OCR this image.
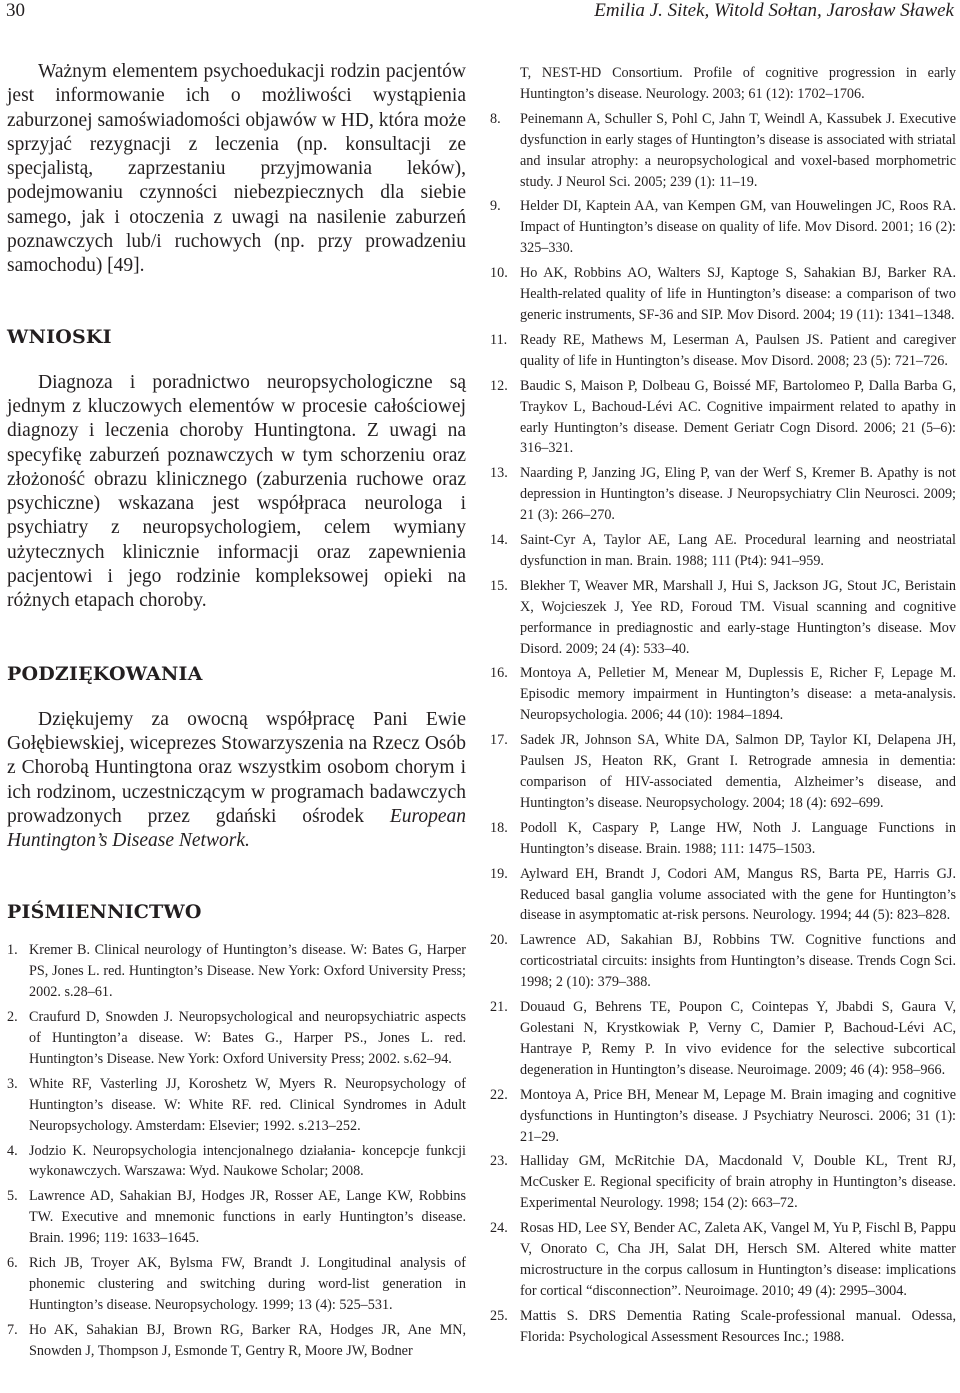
30	Emilia J. Sitek, Witold Sołtan, Jarosław Sławek

Ważnym elementem psychoedukacji rodzin pacjentów jest informowanie ich o możliwości wystąpienia zaburzonej samoświadomości objawów w HD, która może sprzyjać rezygnacji z leczenia (np. konsultacji ze specjalistą, zaprzestaniu przyjmowania leków), podejmowaniu czynności niebezpiecznych dla siebie samego, jak i otoczenia z uwagi na nasilenie zaburzeń poznawczych lub/i ruchowych (np. przy prowadzeniu samochodu) [49].

WNIOSKI

Diagnoza i poradnictwo neuropsychologiczne są jednym z kluczowych elementów w procesie całościowej diagnozy i leczenia choroby Huntingtona. Z uwagi na specyfikę zaburzeń poznawczych w tym schorzeniu oraz złożoność obrazu klinicznego (zaburzenia ruchowe oraz psychiczne) wskazana jest współpraca neurologa i psychiatry z neuropsychologiem, celem wymiany użytecznych klinicznie informacji oraz zapewnienia pacjentowi i jego rodzinie kompleksowej opieki na różnych etapach choroby.

PODZIĘKOWANIA

Dziękujemy za owocną współpracę Pani Ewie Gołębiewskiej, wiceprezes Stowarzyszenia na Rzecz Osób z Chorobą Huntingtona oraz wszystkim osobom chorym i ich rodzinom, uczestniczącym w programach badawczych prowadzonych przez gdański ośrodek European Huntington’s Disease Network.

PIŚMIENNICTWO
1. Kremer B. Clinical neurology of Huntington’s disease. W: Bates G, Harper PS, Jones L. red. Huntington’s Disease. New York: Oxford University Press; 2002. s.28–61.
2. Craufurd D, Snowden J. Neuropsychological and neuropsychiatric aspects of Huntington’a disease. W: Bates G., Harper PS., Jones L. red. Huntington’s Disease. New York: Oxford University Press; 2002. s.62–94.
3. White RF, Vasterling JJ, Koroshetz W, Myers R. Neuropsychology of Huntington’s disease. W: White RF. red. Clinical Syndromes in Adult Neuropsychology. Amsterdam: Elsevier; 1992. s.213–252.
4. Jodzio K. Neuropsychologia intencjonalnego działania- koncepcje funkcji wykonawczych. Warszawa: Wyd. Naukowe Scholar; 2008.
5. Lawrence AD, Sahakian BJ, Hodges JR, Rosser AE, Lange KW, Robbins TW. Executive and mnemonic functions in early Huntington’s disease. Brain. 1996; 119: 1633–1645.
6. Rich JB, Troyer AK, Bylsma FW, Brandt J. Longitudinal analysis of phonemic clustering and switching during word-list generation in Huntington’s disease. Neuropsychology. 1999; 13 (4): 525–531.
7. Ho AK, Sahakian BJ, Brown RG, Barker RA, Hodges JR, Ane MN, Snowden J, Thompson J, Esmonde T, Gentry R, Moore JW, Bodner
T, NEST-HD Consortium. Profile of cognitive progression in early Huntington’s disease. Neurology. 2003; 61 (12): 1702–1706.
8.	Peinemann A, Schuller S, Pohl C, Jahn T, Weindl A, Kassubek J. Executive dysfunction in early stages of Huntington’s disease is associated with striatal and insular atrophy: a neuropsychological and voxel-based morphometric study. J Neurol Sci. 2005; 239 (1): 11–19.
9.	Helder DI, Kaptein AA, van Kempen GM, van Houwelingen JC, Roos RA. Impact of Huntington’s disease on quality of life. Mov Disord. 2001; 16 (2): 325–330.
10. Ho AK, Robbins AO, Walters SJ, Kaptoge S, Sahakian BJ, Barker RA. Health-related quality of life in Huntington’s disease: a comparison of two generic instruments, SF-36 and SIP. Mov Disord. 2004; 19 (11): 1341–1348.
11. Ready RE, Mathews M, Leserman A, Paulsen JS. Patient and caregiver quality of life in Huntington’s disease. Mov Disord. 2008; 23 (5): 721–726.
12. Baudic S, Maison P, Dolbeau G, Boissé MF, Bartolomeo P, Dalla Barba G, Traykov L, Bachoud-Lévi AC. Cognitive impairment related to apathy in early Huntington’s disease. Dement Geriatr Cogn Disord. 2006; 21 (5–6): 316–321.
13. Naarding P, Janzing JG, Eling P, van der Werf S, Kremer B. Apathy is not depression in Huntington’s disease. J Neuropsychiatry Clin Neurosci. 2009; 21 (3): 266–270.
14. Saint-Cyr A, Taylor AE, Lang AE. Procedural learning and neostriatal dysfunction in man. Brain. 1988; 111 (Pt4): 941–959.
15. Blekher T, Weaver MR, Marshall J, Hui S, Jackson JG, Stout JC, Beristain X, Wojcieszek J, Yee RD, Foroud TM. Visual scanning and cognitive performance in prediagnostic and early-stage Huntington’s disease. Mov Disord. 2009; 24 (4): 533–40.
16. Montoya A, Pelletier M, Menear M, Duplessis E, Richer F, Lepage M. Episodic memory impairment in Huntington’s disease: a meta-analysis. Neuropsychologia. 2006; 44 (10): 1984–1894.
17. Sadek JR, Johnson SA, White DA, Salmon DP, Taylor KI, Delapena JH, Paulsen JS, Heaton RK, Grant I. Retrograde amnesia in dementia: comparison of HIV-associated dementia, Alzheimer’s disease, and Huntington’s disease. Neuropsychology. 2004; 18 (4): 692–699.
18. Podoll K, Caspary P, Lange HW, Noth J. Language Functions in Huntington’s disease. Brain. 1988; 111: 1475–1503.
19. Aylward EH, Brandt J, Codori AM, Mangus RS, Barta PE, Harris GJ. Reduced basal ganglia volume associated with the gene for Huntington’s disease in asymptomatic at-risk persons. Neurology. 1994; 44 (5): 823–828.
20. Lawrence AD, Sakahian BJ, Robbins TW. Cognitive functions and corticostriatal circuits: insights from Huntington’s disease. Trends Cogn Sci. 1998; 2 (10): 379–388.
21. Douaud G, Behrens TE, Poupon C, Cointepas Y, Jbabdi S, Gaura V, Golestani N, Krystkowiak P, Verny C, Damier P, Bachoud-Lévi AC, Hantraye P, Remy P. In vivo evidence for the selective subcortical degeneration in Huntington’s disease. Neuroimage. 2009; 46 (4): 958–966.
22. Montoya A, Price BH, Menear M, Lepage M. Brain imaging and cognitive dysfunctions in Huntington’s disease. J Psychiatry Neurosci. 2006; 31 (1): 21–29.
23. Halliday GM, McRitchie DA, Macdonald V, Double KL, Trent RJ, McCusker E. Regional specificity of brain atrophy in Huntington’s disease. Experimental Neurology. 1998; 154 (2): 663–72.
24. Rosas HD, Lee SY, Bender AC, Zaleta AK, Vangel M, Yu P, Fischl B, Pappu V, Onorato C, Cha JH, Salat DH, Hersch SM. Altered white matter microstructure in the corpus callosum in Huntington’s disease: implications for cortical “disconnection”. Neuroimage. 2010; 49 (4): 2995–3004.
25. Mattis S. DRS Dementia Rating Scale-professional manual. Odessa, Florida: Psychological Assessment Resources Inc.; 1988.
